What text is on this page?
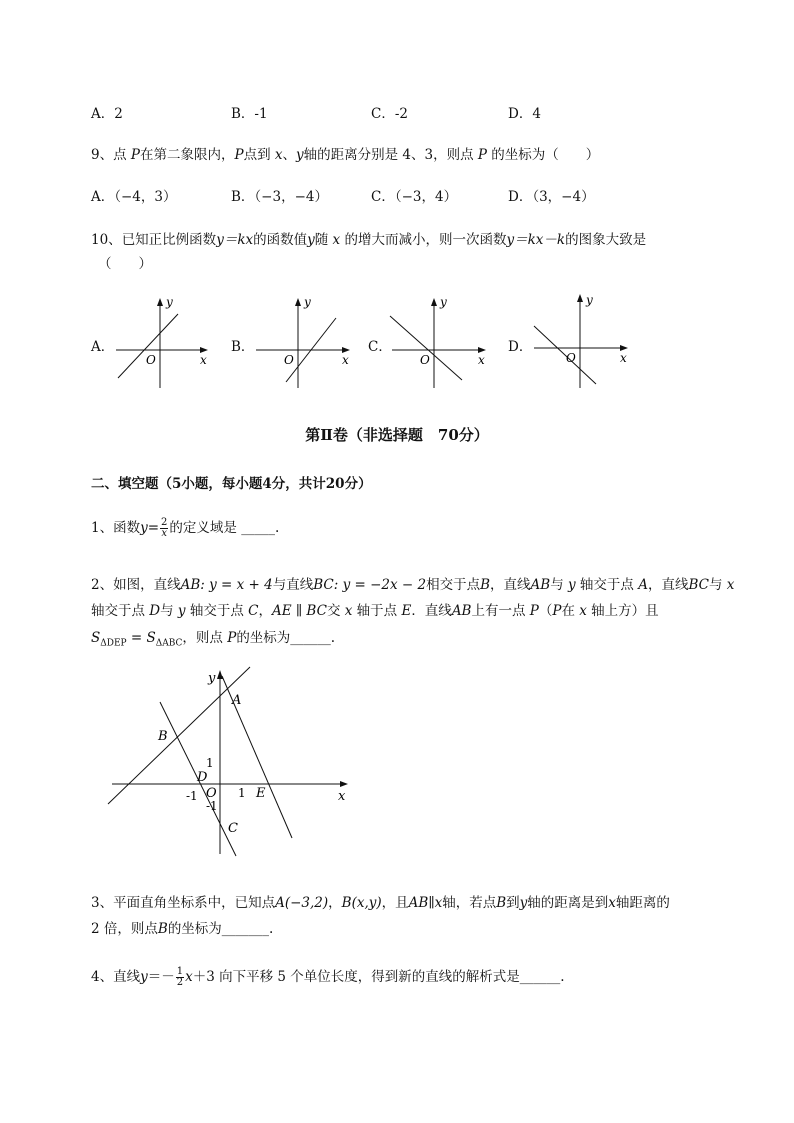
A．2	B．-1	C．-2	D．4
9、点 P在第二象限内，P点到 x、y轴的距离分别是 4、3，则点 P 的坐标为（　　）
A．（−4，3）	B．（−3，−4）	C．（−3，4）	D．（3，−4）
10、已知正比例函数y＝kx的函数值y随 x 的增大而减小，则一次函数y＝kx－k的图象大致是
（　　）
A．
y
x
O
B．
y
x
O
C．
y
x
O
D．
y
x
O
第Ⅱ卷（非选择题　70分）
二、填空题（5小题，每小题4分，共计20分）
1、函数$y= \frac{2}{x}$ 的定义域是 _____.
2、如图，直线AB: y = x + 4与直线BC: y = −2x − 2相交于点B，直线AB与 y 轴交于点 A，直线BC与 x
轴交于点 D与 y 轴交于点 C，AE ∥ BC交 x 轴于点 E．直线AB上有一点 P（P在 x 轴上方）且
$S_{\Delta DEP} = S_{\Delta ABC}$，则点 P的坐标为______.
y
x
A
B
C
D
E
O
1
1
-1
-1
3、平面直角坐标系中，已知点A(−3,2)，B(x,y)，且AB∥x轴，若点B到y轴的距离是到x轴距离的
2 倍，则点B的坐标为_______.
4、直线$y=- \frac{1}{2} x+3$ 向下平移 5 个单位长度，得到新的直线的解析式是______.
